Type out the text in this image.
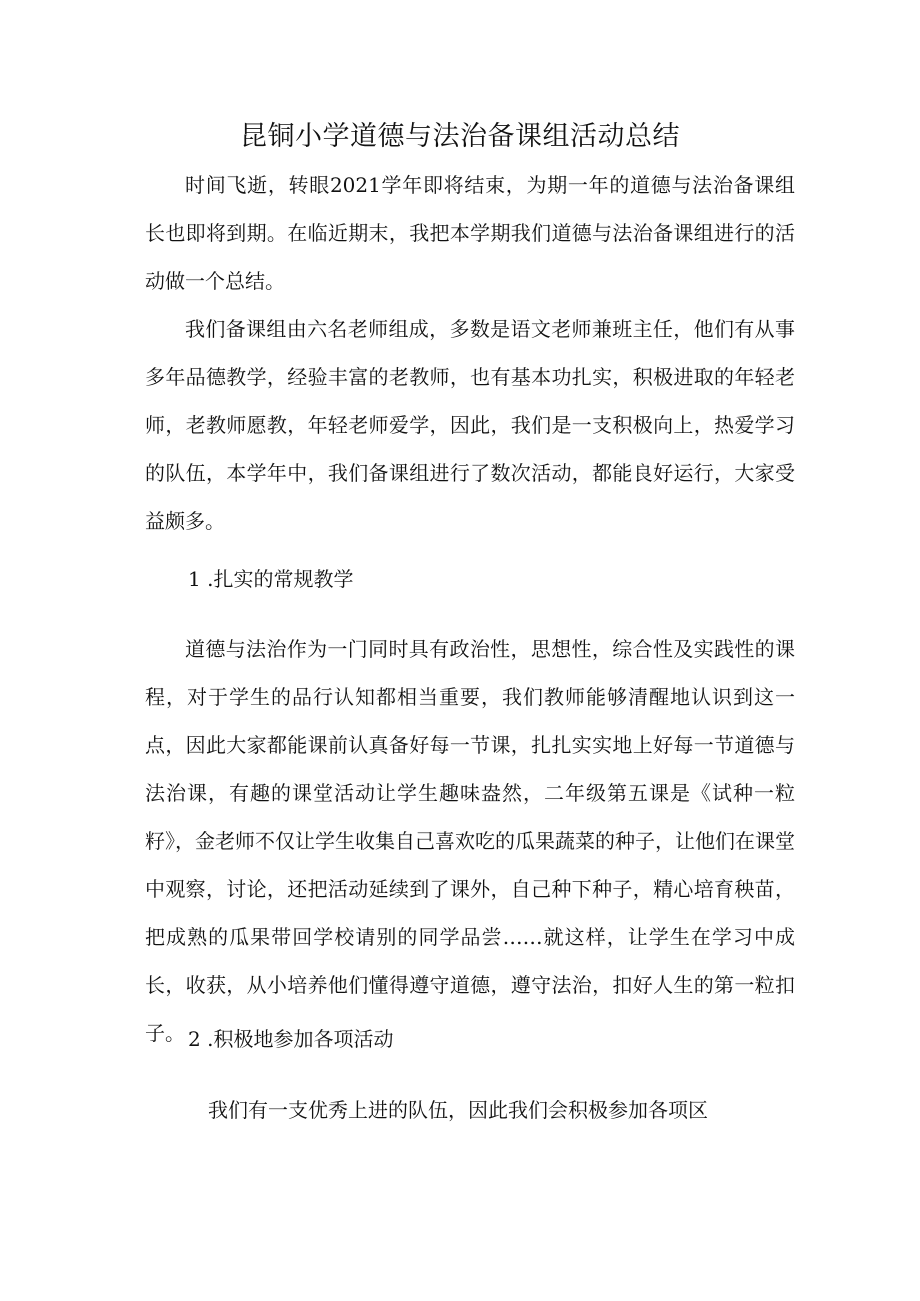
昆铜小学道德与法治备课组活动总结

时间飞逝，转眼2021学年即将结束，为期一年的道德与法治备课组长也即将到期。在临近期末，我把本学期我们道德与法治备课组进行的活动做一个总结。

我们备课组由六名老师组成，多数是语文老师兼班主任，他们有从事多年品德教学，经验丰富的老教师，也有基本功扎实，积极进取的年轻老师，老教师愿教，年轻老师爱学，因此，我们是一支积极向上，热爱学习的队伍，本学年中，我们备课组进行了数次活动，都能良好运行，大家受益颇多。

1 .扎实的常规教学

道德与法治作为一门同时具有政治性，思想性，综合性及实践性的课程，对于学生的品行认知都相当重要，我们教师能够清醒地认识到这一点，因此大家都能课前认真备好每一节课，扎扎实实地上好每一节道德与法治课，有趣的课堂活动让学生趣味盎然，二年级第五课是《试种一粒籽》，金老师不仅让学生收集自己喜欢吃的瓜果蔬菜的种子，让他们在课堂中观察，讨论，还把活动延续到了课外，自己种下种子，精心培育秧苗，把成熟的瓜果带回学校请别的同学品尝……就这样，让学生在学习中成长，收获，从小培养他们懂得遵守道德，遵守法治，扣好人生的第一粒扣子。 2 .积极地参加各项活动

我们有一支优秀上进的队伍，因此我们会积极参加各项区
